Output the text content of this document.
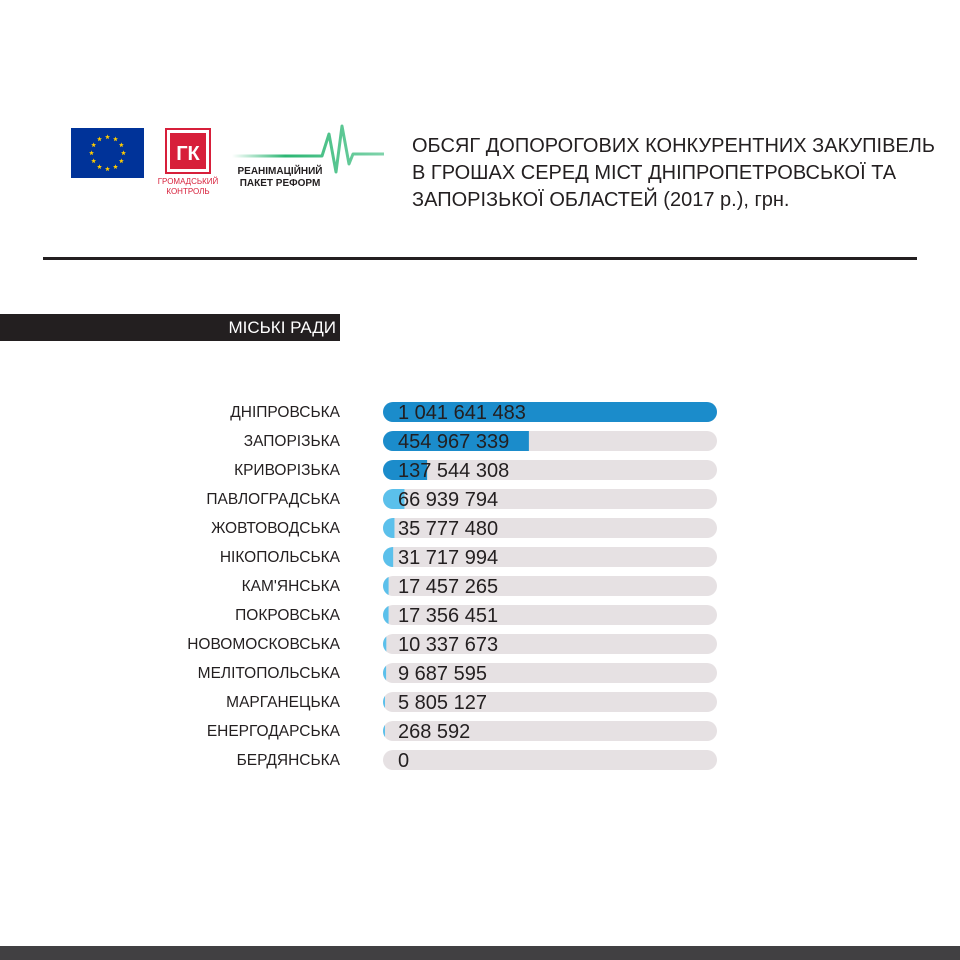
ГК
ГРОМАДСЬКИЙ
КОНТРОЛЬ
РЕАНІМАЦІЙНИЙ
ПАКЕТ РЕФОРМ
ОБСЯГ ДОПОРОГОВИХ КОНКУРЕНТНИХ ЗАКУПІВЕЛЬ
В ГРОШАХ СЕРЕД МІСТ ДНІПРОПЕТРОВСЬКОЇ ТА
ЗАПОРІЗЬКОЇ ОБЛАСТЕЙ (2017 р.), грн.
МІСЬКІ РАДИ
ДНІПРОВСЬКА	1 041 641 483
ЗАПОРІЗЬКА	454 967 339
КРИВОРІЗЬКА	137 544 308
ПАВЛОГРАДСЬКА	66 939 794
ЖОВТОВОДСЬКА	35 777 480
НІКОПОЛЬСЬКА	31 717 994
КАМ'ЯНСЬКА	17 457 265
ПОКРОВСЬКА	17 356 451
НОВОМОСКОВСЬКА	10 337 673
МЕЛІТОПОЛЬСЬКА	9 687 595
МАРГАНЕЦЬКА	5 805 127
ЕНЕРГОДАРСЬКА	268 592
БЕРДЯНСЬКА	0
